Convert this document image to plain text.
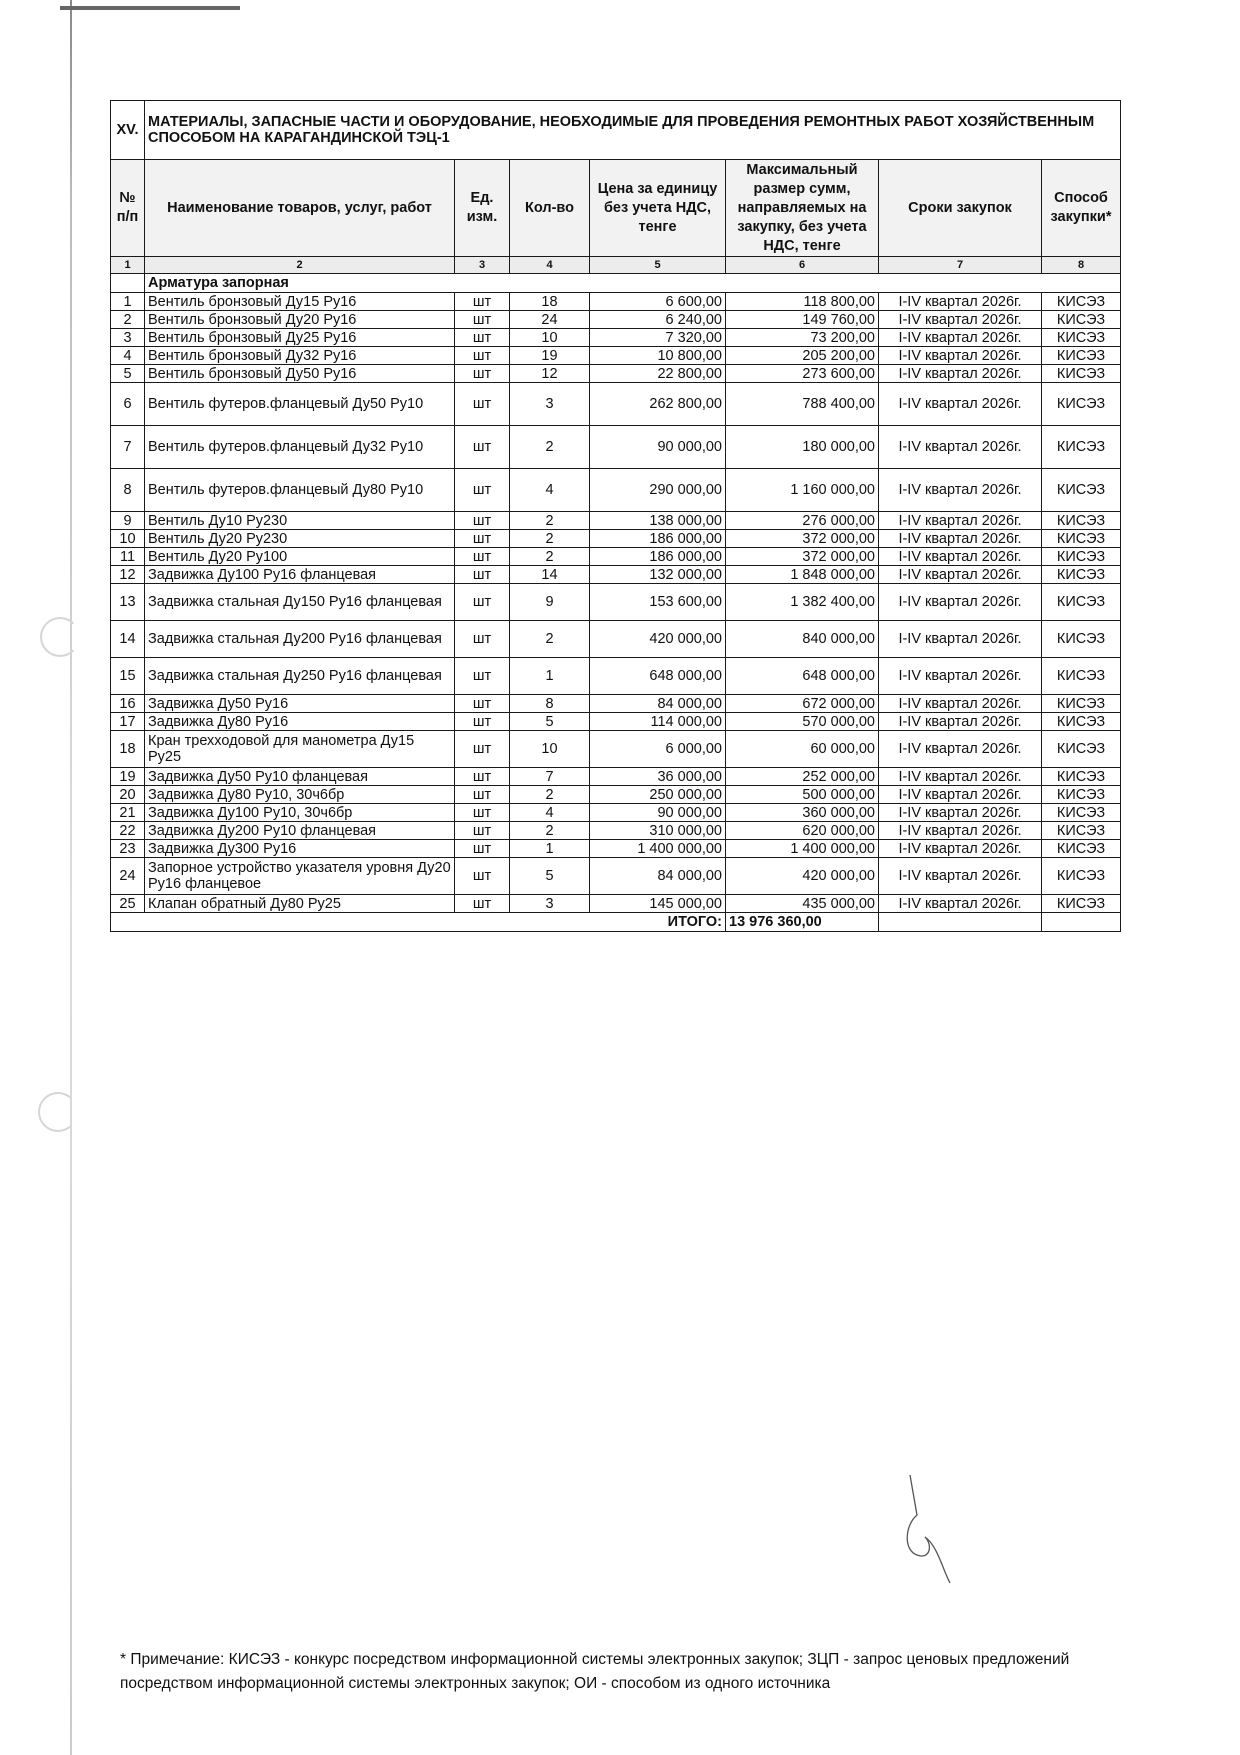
XV.	МАТЕРИАЛЫ, ЗАПАСНЫЕ ЧАСТИ И ОБОРУДОВАНИЕ, НЕОБХОДИМЫЕ ДЛЯ ПРОВЕДЕНИЯ РЕМОНТНЫХ РАБОТ ХОЗЯЙСТВЕННЫМ СПОСОБОМ НА КАРАГАНДИНСКОЙ ТЭЦ-1						
№ п/п	Наименование товаров, услуг, работ	Ед. изм.	Кол-во	Цена за единицу без учета НДС, тенге	Максимальный размер сумм, направляемых на закупку, без учета НДС, тенге	Сроки закупок	Способ закупки*
1	2	3	4	5	6	7	8
	Арматура запорная						
1	Вентиль бронзовый Ду15 Ру16	шт	18	6 600,00	118 800,00	I-IV квартал 2026г.	КИСЭЗ
2	Вентиль бронзовый Ду20 Ру16	шт	24	6 240,00	149 760,00	I-IV квартал 2026г.	КИСЭЗ
3	Вентиль бронзовый Ду25 Ру16	шт	10	7 320,00	73 200,00	I-IV квартал 2026г.	КИСЭЗ
4	Вентиль бронзовый Ду32 Ру16	шт	19	10 800,00	205 200,00	I-IV квартал 2026г.	КИСЭЗ
5	Вентиль бронзовый Ду50 Ру16	шт	12	22 800,00	273 600,00	I-IV квартал 2026г.	КИСЭЗ
6	Вентиль футеров.фланцевый Ду50 Ру10	шт	3	262 800,00	788 400,00	I-IV квартал 2026г.	КИСЭЗ
7	Вентиль футеров.фланцевый Ду32 Ру10	шт	2	90 000,00	180 000,00	I-IV квартал 2026г.	КИСЭЗ
8	Вентиль футеров.фланцевый Ду80 Ру10	шт	4	290 000,00	1 160 000,00	I-IV квартал 2026г.	КИСЭЗ
9	Вентиль Ду10 Ру230	шт	2	138 000,00	276 000,00	I-IV квартал 2026г.	КИСЭЗ
10	Вентиль Ду20 Ру230	шт	2	186 000,00	372 000,00	I-IV квартал 2026г.	КИСЭЗ
11	Вентиль Ду20 Ру100	шт	2	186 000,00	372 000,00	I-IV квартал 2026г.	КИСЭЗ
12	Задвижка Ду100 Ру16 фланцевая	шт	14	132 000,00	1 848 000,00	I-IV квартал 2026г.	КИСЭЗ
13	Задвижка стальная Ду150 Ру16 фланцевая	шт	9	153 600,00	1 382 400,00	I-IV квартал 2026г.	КИСЭЗ
14	Задвижка стальная Ду200 Ру16 фланцевая	шт	2	420 000,00	840 000,00	I-IV квартал 2026г.	КИСЭЗ
15	Задвижка стальная Ду250 Ру16 фланцевая	шт	1	648 000,00	648 000,00	I-IV квартал 2026г.	КИСЭЗ
16	Задвижка Ду50 Ру16	шт	8	84 000,00	672 000,00	I-IV квартал 2026г.	КИСЭЗ
17	Задвижка Ду80 Ру16	шт	5	114 000,00	570 000,00	I-IV квартал 2026г.	КИСЭЗ
18	Кран трехходовой для манометра Ду15 Ру25	шт	10	6 000,00	60 000,00	I-IV квартал 2026г.	КИСЭЗ
19	Задвижка Ду50 Ру10 фланцевая	шт	7	36 000,00	252 000,00	I-IV квартал 2026г.	КИСЭЗ
20	Задвижка Ду80 Ру10, 30ч6бр	шт	2	250 000,00	500 000,00	I-IV квартал 2026г.	КИСЭЗ
21	Задвижка Ду100 Ру10, 30ч6бр	шт	4	90 000,00	360 000,00	I-IV квартал 2026г.	КИСЭЗ
22	Задвижка Ду200 Ру10 фланцевая	шт	2	310 000,00	620 000,00	I-IV квартал 2026г.	КИСЭЗ
23	Задвижка Ду300 Ру16	шт	1	1 400 000,00	1 400 000,00	I-IV квартал 2026г.	КИСЭЗ
24	Запорное устройство указателя уровня Ду20 Ру16 фланцевое	шт	5	84 000,00	420 000,00	I-IV квартал 2026г.	КИСЭЗ
25	Клапан обратный Ду80 Ру25	шт	3	145 000,00	435 000,00	I-IV квартал 2026г.	КИСЭЗ
ИТОГО:					13 976 360,00		
* Примечание: КИСЭЗ - конкурс посредством информационной системы электронных закупок; ЗЦП - запрос ценовых предложений посредством информационной системы электронных закупок; ОИ - способом из одного источника
